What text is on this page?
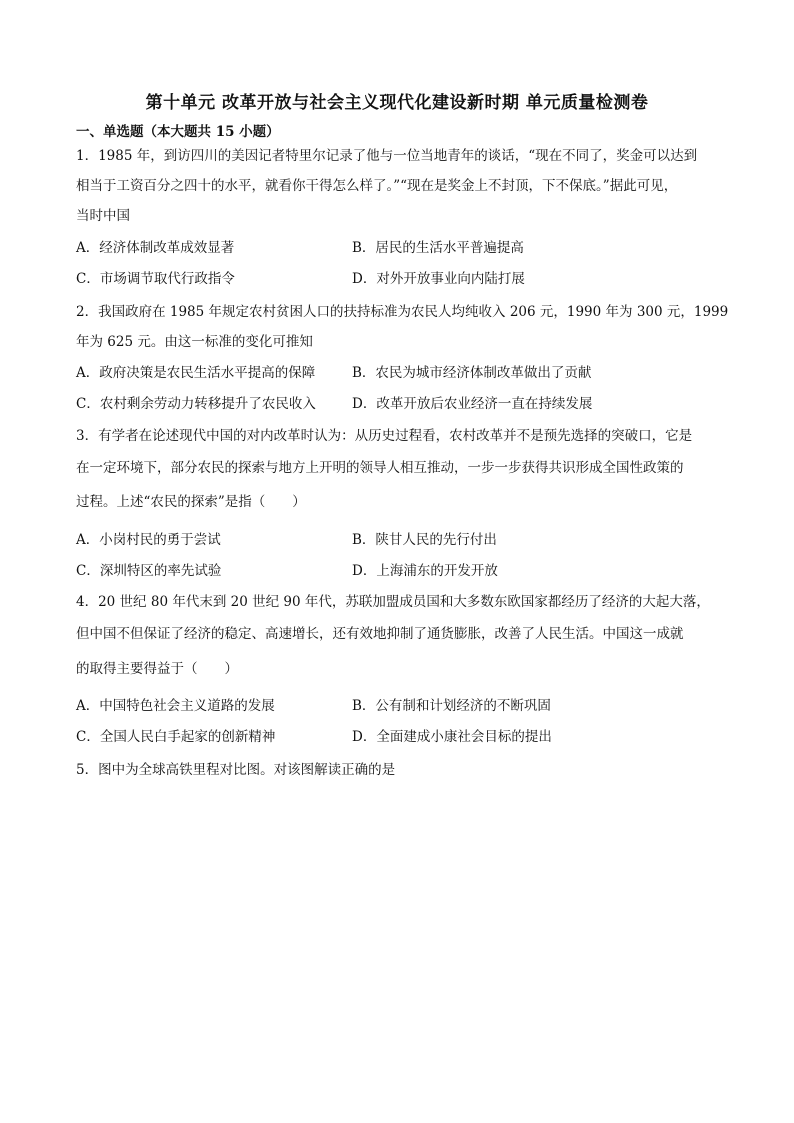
第十单元 改革开放与社会主义现代化建设新时期 单元质量检测卷
一、单选题（本大题共 15 小题）
1．1985 年，到访四川的美因记者特里尔记录了他与一位当地青年的谈话，“现在不同了，奖金可以达到
相当于工资百分之四十的水平，就看你干得怎么样了。”“现在是奖金上不封顶，下不保底。”据此可见，
当时中国
A．经济体制改革成效显著	B．居民的生活水平普遍提高
C．市场调节取代行政指令	D．对外开放事业向内陆打展
2．我国政府在 1985 年规定农村贫困人口的扶持标准为农民人均纯收入 206 元，1990 年为 300 元，1999
年为 625 元。由这一标准的变化可推知
A．政府决策是农民生活水平提高的保障	B．农民为城市经济体制改革做出了贡献
C．农村剩余劳动力转移提升了农民收入	D．改革开放后农业经济一直在持续发展
3．有学者在论述现代中国的对内改革时认为：从历史过程看，农村改革并不是预先选择的突破口，它是
在一定环境下，部分农民的探索与地方上开明的领导人相互推动，一步一步获得共识形成全国性政策的
过程。上述“农民的探索”是指（　　）
A．小岗村民的勇于尝试	B．陕甘人民的先行付出
C．深圳特区的率先试验	D．上海浦东的开发开放
4．20 世纪 80 年代末到 20 世纪 90 年代，苏联加盟成员国和大多数东欧国家都经历了经济的大起大落，
但中国不但保证了经济的稳定、高速增长，还有效地抑制了通货膨胀，改善了人民生活。中国这一成就
的取得主要得益于（　　）
A．中国特色社会主义道路的发展	B．公有制和计划经济的不断巩固
C．全国人民白手起家的创新精神	D．全面建成小康社会目标的提出
5．图中为全球高铁里程对比图。对该图解读正确的是
